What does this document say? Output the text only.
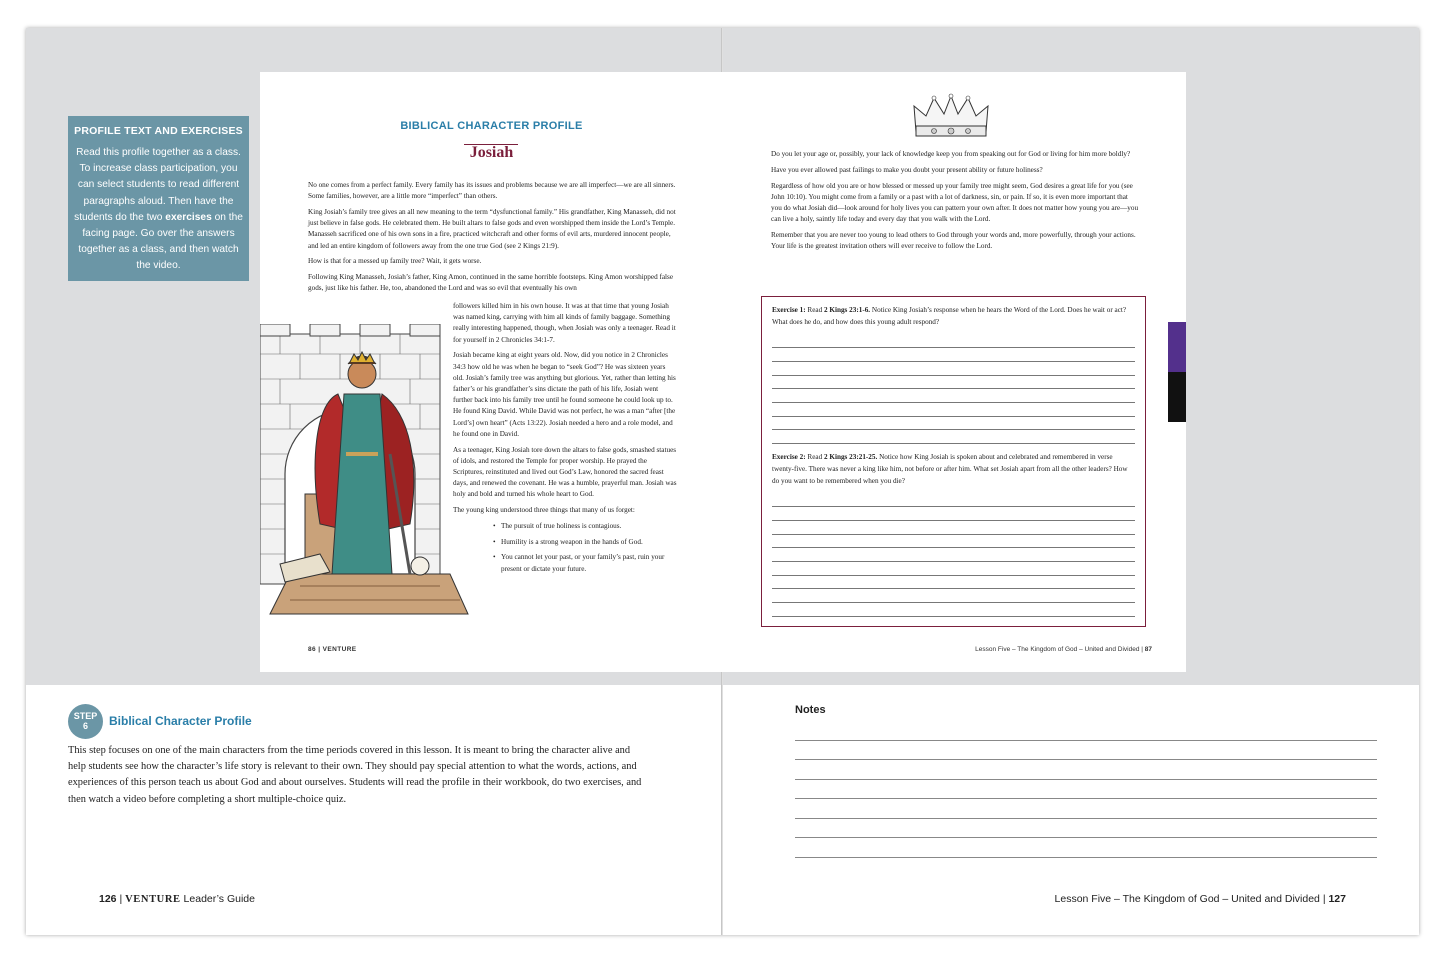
PROFILE TEXT AND EXERCISES
Read this profile together as a class. To increase class participation, you can select students to read different paragraphs aloud. Then have the students do the two exercises on the facing page. Go over the answers together as a class, and then watch the video.
BIBLICAL CHARACTER PROFILE
Josiah

No one comes from a perfect family. Every family has its issues and problems because we are all imperfect—we are all sinners. Some families, however, are a little more “imperfect” than others.

King Josiah’s family tree gives an all new meaning to the term “dysfunctional family.” His grandfather, King Manasseh, did not just believe in false gods. He celebrated them. He built altars to false gods and even worshipped them inside the Lord’s Temple. Manasseh sacrificed one of his own sons in a fire, practiced witchcraft and other forms of evil arts, murdered innocent people, and led an entire kingdom of followers away from the one true God (see 2 Kings 21:9).

How is that for a messed up family tree? Wait, it gets worse.

Following King Manasseh, Josiah’s father, King Amon, continued in the same horrible footsteps. King Amon worshipped false gods, just like his father. He, too, abandoned the Lord and was so evil that eventually his own

followers killed him in his own house. It was at that time that young Josiah was named king, carrying with him all kinds of family baggage. Something really interesting happened, though, when Josiah was only a teenager. Read it for yourself in 2 Chronicles 34:1-7.

Josiah became king at eight years old. Now, did you notice in 2 Chronicles 34:3 how old he was when he began to “seek God”? He was sixteen years old. Josiah’s family tree was anything but glorious. Yet, rather than letting his father’s or his grandfather’s sins dictate the path of his life, Josiah went further back into his family tree until he found someone he could look up to. He found King David. While David was not perfect, he was a man “after [the Lord’s] own heart” (Acts 13:22). Josiah needed a hero and a role model, and he found one in David.

As a teenager, King Josiah tore down the altars to false gods, smashed statues of idols, and restored the Temple for proper worship. He prayed the Scriptures, reinstituted and lived out God’s Law, honored the sacred feast days, and renewed the covenant. He was a humble, prayerful man. Josiah was holy and bold and turned his whole heart to God.

The young king understood three things that many of us forget:

• The pursuit of true holiness is contagious.
• Humility is a strong weapon in the hands of God.
• You cannot let your past, or your family’s past, ruin your present or dictate your future.
86 | VENTURE

Do you let your age or, possibly, your lack of knowledge keep you from speaking out for God or living for him more boldly?

Have you ever allowed past failings to make you doubt your present ability or future holiness?

Regardless of how old you are or how blessed or messed up your family tree might seem, God desires a great life for you (see John 10:10). You might come from a family or a past with a lot of darkness, sin, or pain. If so, it is even more important that you do what Josiah did—look around for holy lives you can pattern your own after. It does not matter how young you are—you can live a holy, saintly life today and every day that you walk with the Lord.

Remember that you are never too young to lead others to God through your words and, more powerfully, through your actions. Your life is the greatest invitation others will ever receive to follow the Lord.

Exercise 1: Read 2 Kings 23:1-6. Notice King Josiah’s response when he hears the Word of the Lord. Does he wait or act? What does he do, and how does this young adult respond?
Exercise 2: Read 2 Kings 23:21-25. Notice how King Josiah is spoken about and celebrated and remembered in verse twenty-five. There was never a king like him, not before or after him. What set Josiah apart from all the other leaders? How do you want to be remembered when you die?
Lesson Five – The Kingdom of God – United and Divided | 87
STEP
6	Biblical Character Profile
This step focuses on one of the main characters from the time periods covered in this lesson. It is meant to bring the character alive and help students see how the character’s life story is relevant to their own. They should pay special attention to what the words, actions, and experiences of this person teach us about God and about ourselves. Students will read the profile in their workbook, do two exercises, and then watch a video before completing a short multiple-choice quiz.
Notes
126 | VENTURE Leader’s Guide	Lesson Five – The Kingdom of God – United and Divided | 127
